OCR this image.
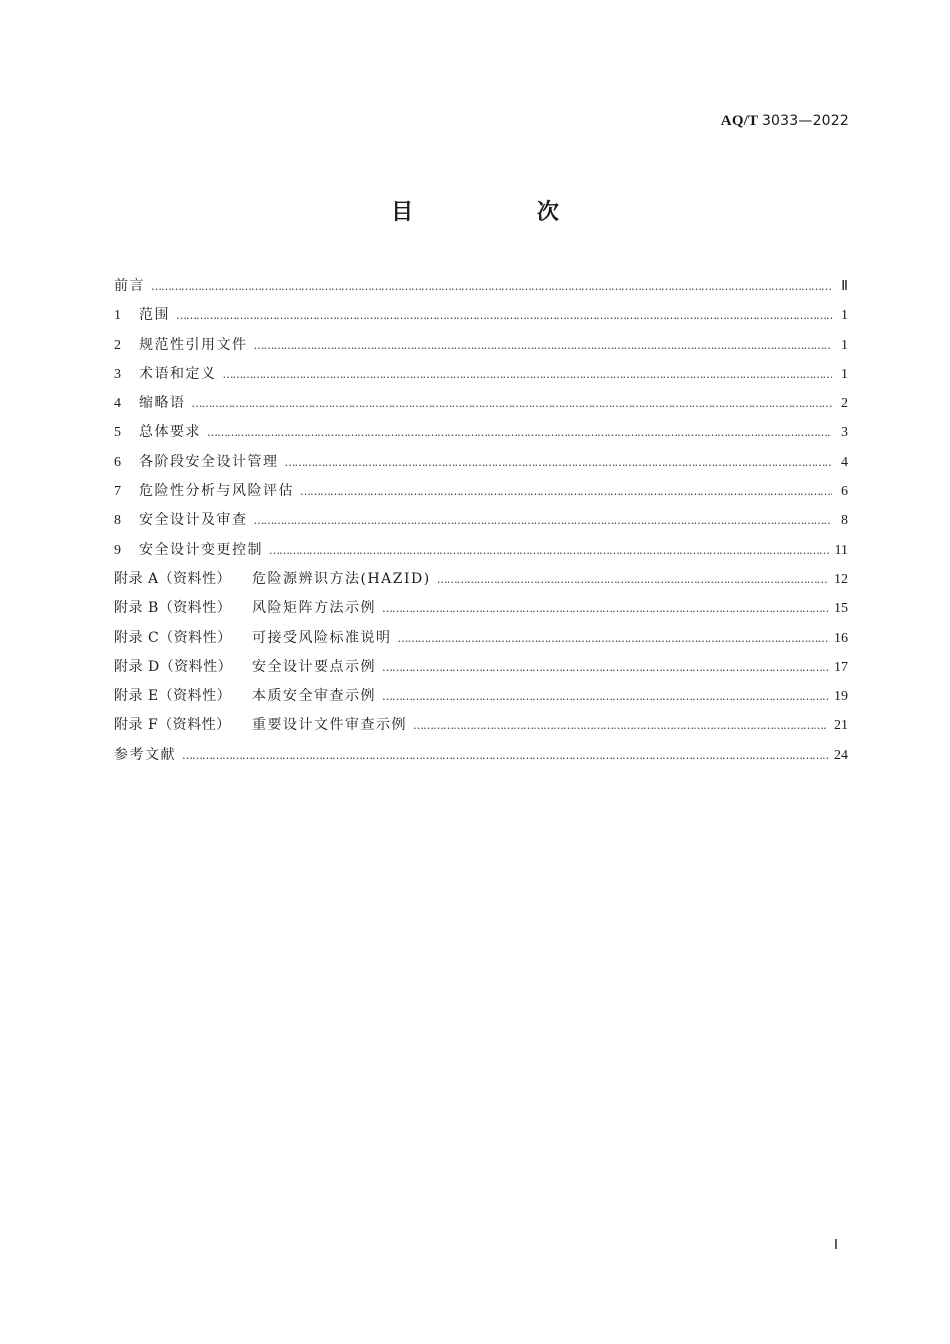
AQ/T 3033—2022
目 次
前言 ………………………………………………………………………………………………………………………………………………………………………………………………………………………………………………………………………………………………	Ⅱ
1	范围 ………………………………………………………………………………………………………………………………………………………………………………………………………………………………………………………………………………………………	1
2	规范性引用文件 ………………………………………………………………………………………………………………………………………………………………………………………………………………………………………………………………………………………………	1
3	术语和定义 ………………………………………………………………………………………………………………………………………………………………………………………………………………………………………………………………………………………………	1
4	缩略语 ………………………………………………………………………………………………………………………………………………………………………………………………………………………………………………………………………………………………	2
5	总体要求 ………………………………………………………………………………………………………………………………………………………………………………………………………………………………………………………………………………………………	3
6	各阶段安全设计管理 ………………………………………………………………………………………………………………………………………………………………………………………………………………………………………………………………………………………………	4
7	危险性分析与风险评估 ………………………………………………………………………………………………………………………………………………………………………………………………………………………………………………………………………………………………	6
8	安全设计及审查 ………………………………………………………………………………………………………………………………………………………………………………………………………………………………………………………………………………………………	8
9	安全设计变更控制 ………………………………………………………………………………………………………………………………………………………………………………………………………………………………………………………………………………………………	11
附录 A（资料性）	危险源辨识方法(HAZID) ………………………………………………………………………………………………………………………………………………………………………………………………………………………………………………………………………………………………	12
附录 B（资料性）	风险矩阵方法示例 ………………………………………………………………………………………………………………………………………………………………………………………………………………………………………………………………………………………………	15
附录 C（资料性）	可接受风险标准说明 ………………………………………………………………………………………………………………………………………………………………………………………………………………………………………………………………………………………………	16
附录 D（资料性）	安全设计要点示例 ………………………………………………………………………………………………………………………………………………………………………………………………………………………………………………………………………………………………	17
附录 E（资料性）	本质安全审查示例 ………………………………………………………………………………………………………………………………………………………………………………………………………………………………………………………………………………………………	19
附录 F（资料性）	重要设计文件审查示例 ………………………………………………………………………………………………………………………………………………………………………………………………………………………………………………………………………………………………	21
参考文献 ………………………………………………………………………………………………………………………………………………………………………………………………………………………………………………………………………………………………	24
Ⅰ
